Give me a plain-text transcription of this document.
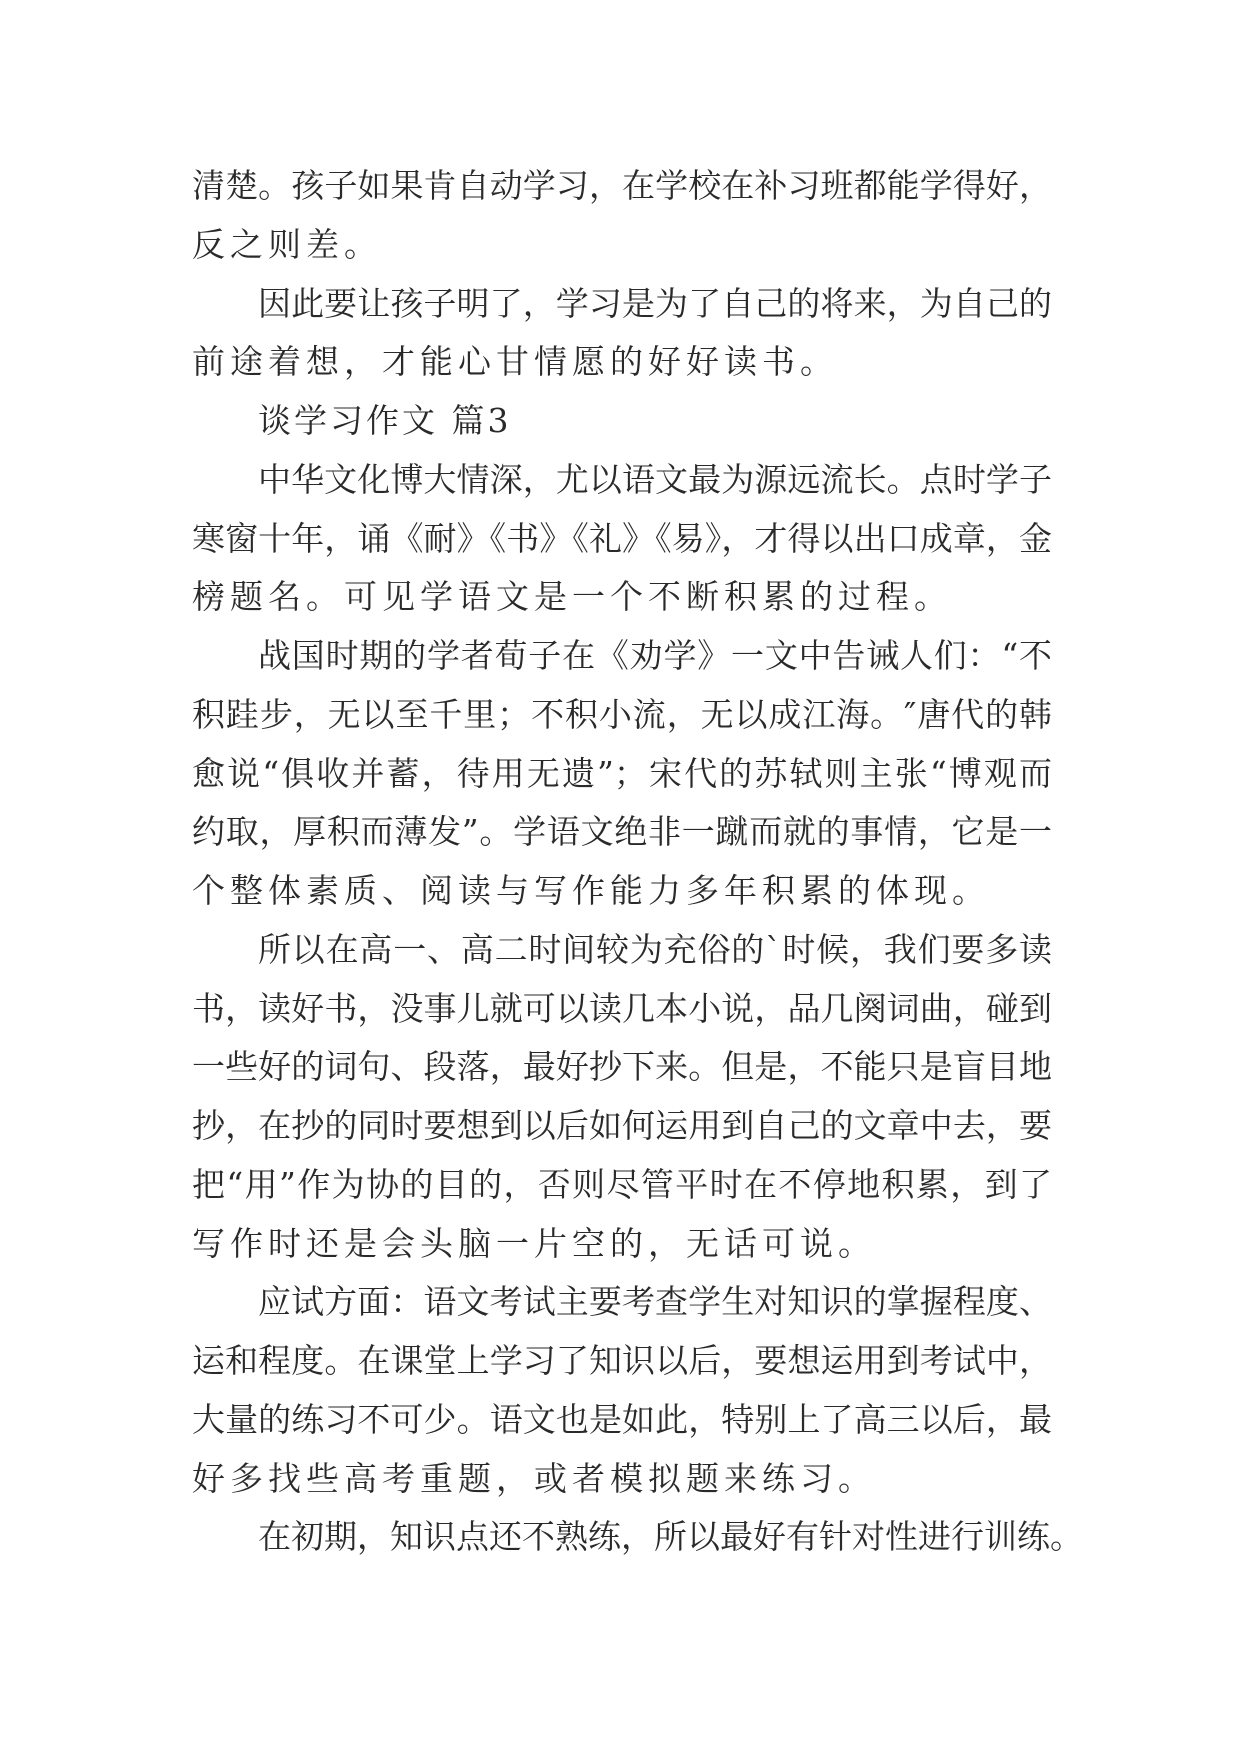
清楚。孩子如果肯自动学习，在学校在补习班都能学得好，
反之则差。
因此要让孩子明了，学习是为了自己的将来，为自己的
前途着想，才能心甘情愿的好好读书。
谈学习作文 篇3
中华文化博大情深，尤以语文最为源远流长。点时学子
寒窗十年，诵《耐》《书》《礼》《易》，才得以出口成章，金
榜题名。可见学语文是一个不断积累的过程。
战国时期的学者荀子在《劝学》一文中告诫人们：“不
积跬步，无以至千里；不积小流，无以成江海。″唐代的韩
愈说“俱收并蓄，待用无遗”；宋代的苏轼则主张“博观而
约取，厚积而薄发”。学语文绝非一蹴而就的事情，它是一
个整体素质、阅读与写作能力多年积累的体现。
所以在高一、高二时间较为充俗的`时候，我们要多读
书，读好书，没事儿就可以读几本小说，品几阕词曲，碰到
一些好的词句、段落，最好抄下来。但是，不能只是盲目地
抄，在抄的同时要想到以后如何运用到自己的文章中去，要
把“用”作为协的目的，否则尽管平时在不停地积累，到了
写作时还是会头脑一片空的，无话可说。
应试方面：语文考试主要考查学生对知识的掌握程度、
运和程度。在课堂上学习了知识以后，要想运用到考试中，
大量的练习不可少。语文也是如此，特别上了高三以后，最
好多找些高考重题，或者模拟题来练习。
在初期，知识点还不熟练，所以最好有针对性进行训练。
